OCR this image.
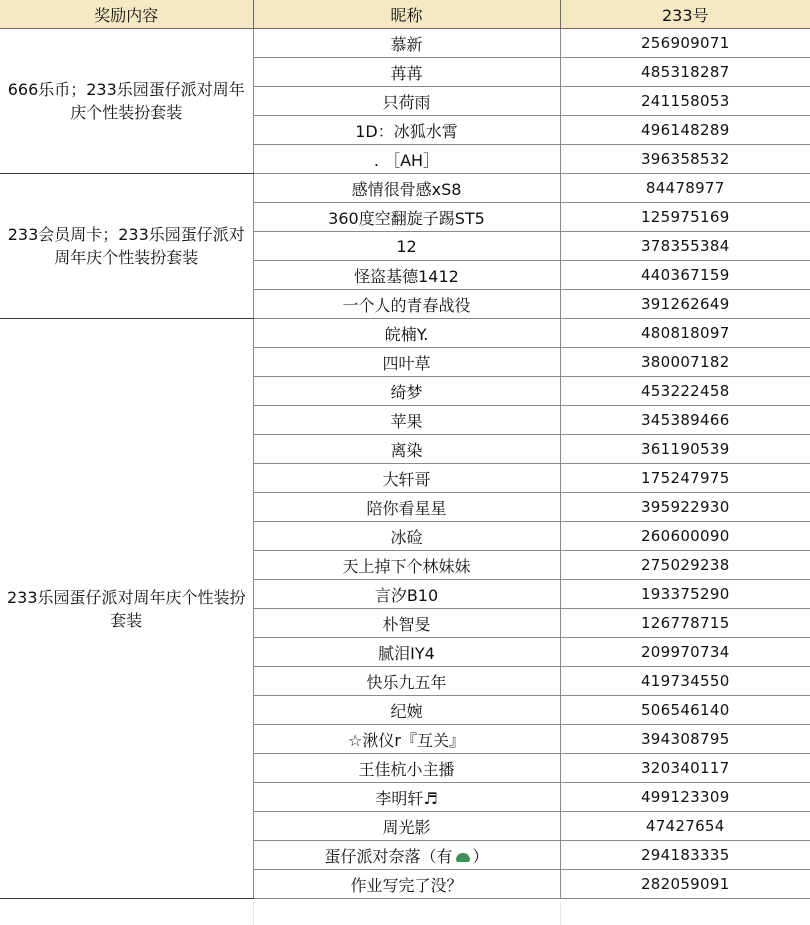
奖励内容	昵称	233号
666乐币；233乐园蛋仔派对周年庆个性装扮套装	慕新	256909071
	苒苒	485318287
	只荷雨	241158053
	1D：冰狐水霄	496148289
	. ［AH］	396358532
233会员周卡；233乐园蛋仔派对周年庆个性装扮套装	感情很骨感xS8	84478977
	360度空翻旋子踢ST5	125975169
	12	378355384
	怪盗基德1412	440367159
	一个人的青春战役	391262649
233乐园蛋仔派对周年庆个性装扮套装	皖楠Y.	480818097
	四叶草	380007182
	绮梦	453222458
	苹果	345389466
	离染	361190539
	大轩哥	175247975
	陪你看星星	395922930
	冰硷	260600090
	天上掉下个林妹妹	275029238
	言汐B10	193375290
	朴智旻	126778715
	腻泪IY4	209970734
	快乐九五年	419734550
	纪婉	506546140
	☆湫仪r『互关』	394308795
	王佳杭小主播	320340117
	李明轩♬	499123309
	周光影	47427654
	蛋仔派对奈落（有 ）	294183335
	作业写完了没？	282059091
